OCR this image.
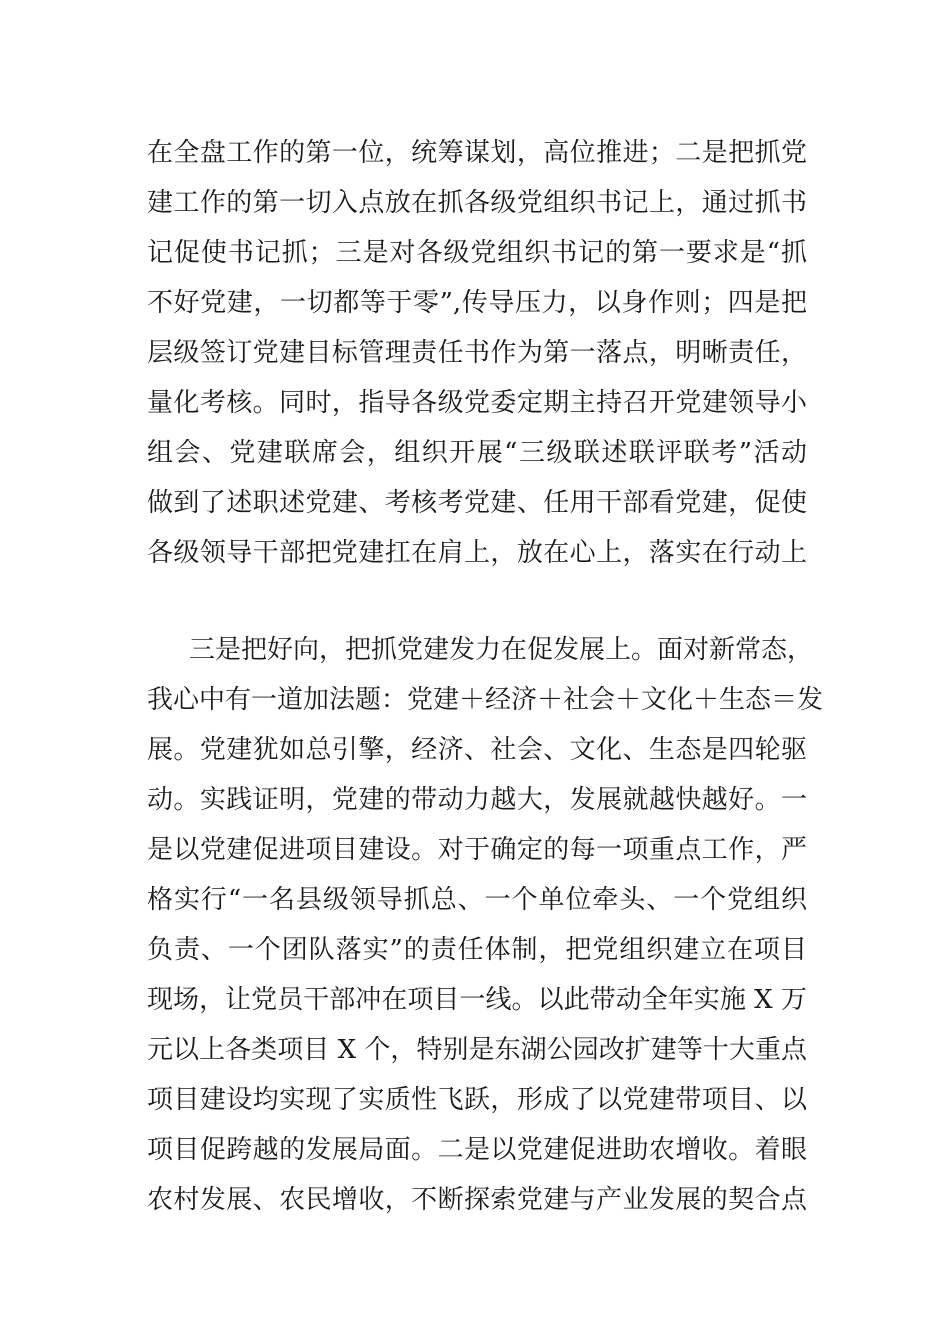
在全盘工作的第一位，统筹谋划，高位推进；二是把抓党
建工作的第一切入点放在抓各级党组织书记上，通过抓书
记促使书记抓；三是对各级党组织书记的第一要求是“抓
不好党建，一切都等于零”,传导压力，以身作则；四是把
层级签订党建目标管理责任书作为第一落点，明晰责任，
量化考核。同时，指导各级党委定期主持召开党建领导小
组会、党建联席会，组织开展“三级联述联评联考”活动
做到了述职述党建、考核考党建、任用干部看党建，促使
各级领导干部把党建扛在肩上，放在心上，落实在行动上
三是把好向，把抓党建发力在促发展上。面对新常态，
我心中有一道加法题：党建＋经济＋社会＋文化＋生态＝发
展。党建犹如总引擎，经济、社会、文化、生态是四轮驱
动。实践证明，党建的带动力越大，发展就越快越好。一
是以党建促进项目建设。对于确定的每一项重点工作，严
格实行“一名县级领导抓总、一个单位牵头、一个党组织
负责、一个团队落实”的责任体制，把党组织建立在项目
现场，让党员干部冲在项目一线。以此带动全年实施 X 万
元以上各类项目 X 个，特别是东湖公园改扩建等十大重点
项目建设均实现了实质性飞跃，形成了以党建带项目、以
项目促跨越的发展局面。二是以党建促进助农增收。着眼
农村发展、农民增收，不断探索党建与产业发展的契合点
